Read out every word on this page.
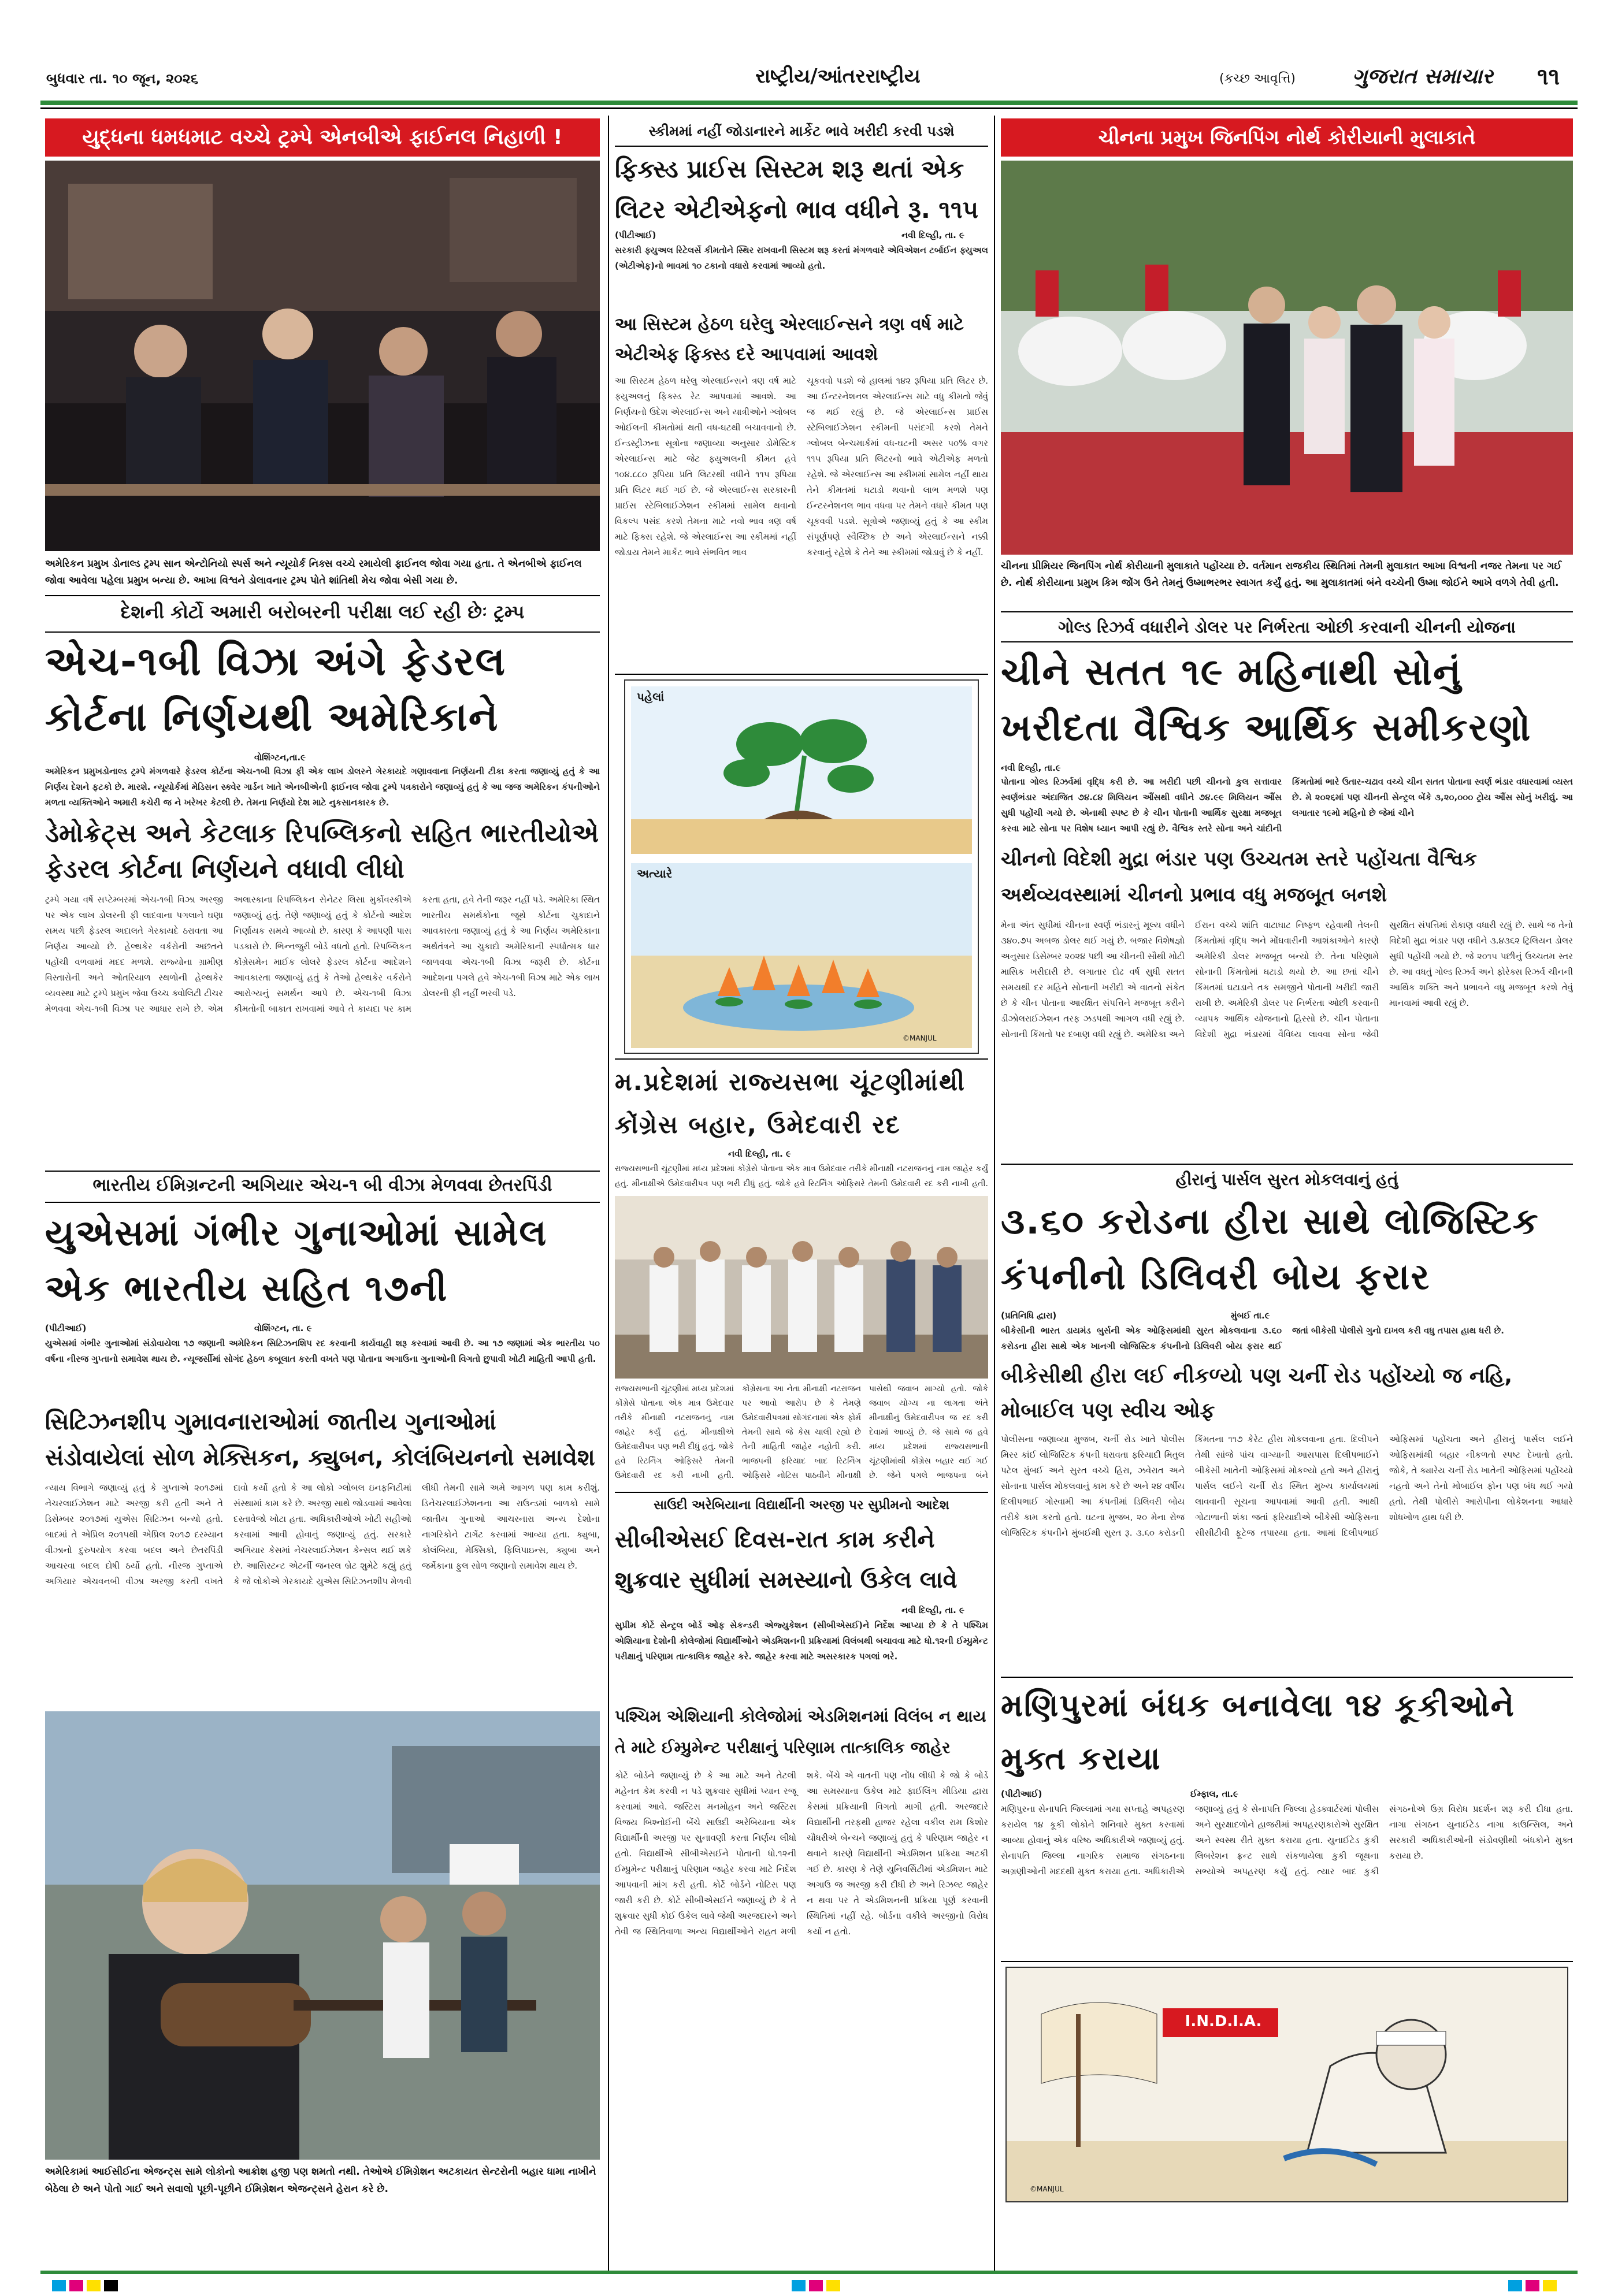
બુધવાર તા. ૧૦ જૂન, ૨૦૨૬	રાષ્ટ્રીય/આંતરરાષ્ટ્રીય	(કચ્છ આવૃત્તિ)	ગુજરાત સમાચાર ૧૧
યુદ્ધના ધમધમાટ વચ્ચે ટ્રમ્પે એનબીએ ફાઈનલ નિહાળી !
અમેરિકન પ્રમુખ ડોનાલ્ડ ટ્રમ્પ સાન એન્ટોનિયો સ્પર્સ અને ન્યૂયોર્ક નિક્સ વચ્ચે રમાયેલી ફાઈનલ જોવા ગયા હતા. તે એનબીએ ફાઈનલ જોવા આવેલા પહેલા પ્રમુખ બન્યા છે. આખા વિશ્વને ડોલાવનાર ટ્રમ્પ પોતે શાંતિથી મેચ જોવા બેસી ગયા છે.
દેશની કોર્ટો અમારી બરોબરની પરીક્ષા લઈ રહી છેઃ ટ્રમ્પ
એચ-૧બી વિઝા અંગે ફેડરલ કોર્ટના નિર્ણયથી અમેરિકાને
વોશિંગ્ટન,તા.૯
અમેરિકન પ્રમુખડોનાલ્ડ ટ્રમ્પે મંગળવારે ફેડરલ કોર્ટના એચ-૧બી વિઝા ફી એક લાખ ડોલરને ગેરકાયદે ગણાવવાના નિર્ણયની ટીકા કરતા જણાવ્યું હતું કે આ નિર્ણય દેશને ફટકો છે. મારશે. ન્યૂયોર્કમાં મેડિસન સ્ક્વેર ગાર્ડન ખાતે એનબીએની ફાઈનલ જોવા ટ્રમ્પે પત્રકારોને જણાવ્યું હતું કે આ જજ અમેરિકન કંપનીઓને મળતા વ્યક્તિઓને અમારી કચેરી જ ને ખરેખર કેટલી છે. તેમના નિર્ણયો દેશ માટે નુકસાનકારક છે.
ડેમોક્રેટ્સ અને કેટલાક રિપબ્લિકનો સહિત ભારતીયોએ ફેડરલ કોર્ટના નિર્ણયને વધાવી લીધો
ટ્રમ્પે ગયા વર્ષે સપ્ટેમ્બરમાં એચ-૧બી વિઝા અરજી પર એક લાખ ડોલરની ફી લાદવાના પગલાને ઘણા સમય પછી ફેડરલ અદાલતે ગેરકાયદે ઠરાવતા આ નિર્ણય આવ્યો છે. હેલ્થકેર વર્કરોની અછતને પહોંચી વળવામાં મદદ મળશે. રાજ્યોના ગ્રામીણ વિસ્તારોની અને ઓતરિયાળ સ્થળોની હેલ્થકેર વ્યવસ્થા માટે ટ્રમ્પે પ્રમુખ જેવા ઉચ્ચ ક્વોલિટી ટીચર મેળવવા એચ-૧બી વિઝા પર આધાર રાખે છે. એમ અલાસ્કાના રિપબ્લિકન સેનેટર લિસા મુર્કોવસ્કીએ જણાવ્યું હતું. તેણે જણાવ્યું હતું કે કોર્ટનો આદેશ નિર્ણાયક સમયે આવ્યો છે. કારણ કે આપણી પાસ પડકારો છે. ભિન્નજુરી બોર્ડે વધતો હતો. રિપબ્લિકન કોંગ્રેસમેન માઈક લોલરે ફેડરલ કોર્ટના આદેશને આવકારતા જણાવ્યું હતું કે તેઓ હેલ્થકેર વર્કરોને આરોગ્યનું સમર્થન આપે છે. એચ-૧બી વિઝા કીમતોની બાકાત રાખવામાં આવે તે કાયદા પર કામ કરતા હતા, હવે તેની જરૂર નહીં પડે. અમેરિકા સ્થિત ભારતીય સમર્થકોના જૂથે કોર્ટના ચુકાદાને આવકારતા જણાવ્યું હતું કે આ નિર્ણય અમેરિકાના અર્થતંત્રને આ ચુકાદો અમેરિકાની સ્પર્ધાત્મક ધાર જાળવવા એચ-૧બી વિઝા જરૂરી છે. કોર્ટના આદેશના પગલે હવે એચ-૧બી વિઝા માટે એક લાખ ડોલરની ફી નહીં ભરવી પડે.
ભારતીય ઈમિગ્રન્ટની અગિયાર એચ-૧ બી વીઝા મેળવવા છેતરપિંડી
યુએસમાં ગંભીર ગુનાઓમાં સામેલ એક ભારતીય સહિત ૧૭ની
(પીટીઆઈ)	વોશિંગ્ટન, તા. ૯
યુએસમાં ગંભીર ગુનાઓમાં સંડોવાયેલા ૧૭ જણાની અમેરિકન સિટિઝનશિપ રદ કરવાની કાર્યવાહી શરૂ કરવામાં આવી છે. આ ૧૭ જણામાં એક ભારતીય ૫૦ વર્ષના નીરજ ગુપ્તાનો સમાવેશ થાય છે. ન્યૂજર્સીમાં સોગંદ હેઠળ કબૂલાત કરતી વખતે પણ પોતાના અગાઉના ગુનાઓની વિગતો છુપાવી ખોટી માહિતી આપી હતી.
સિટિઝનશીપ ગુમાવનારાઓમાં જાતીય ગુનાઓમાં સંડોવાયેલાં સોળ મેક્સિકન, ક્યુબન, કોલંબિયનનો સમાવેશ
ન્યાય વિભાગે જણાવ્યું હતું કે ગુપ્તાએ ૨૦૧૭માં નેચરલાઈઝેશન માટે અરજી કરી હતી અને તે ડિસેમ્બર ૨૦૧૭માં યુએસ સિટિઝન બન્યો હતો. બાદમાં તે એપ્રિલ ૨૦૧૫થી એપ્રિલ ૨૦૧૭ દરમ્યાન વીઝાનો દુરુપયોગ કરવા બદલ અને છેતરપિંડી આચરવા બદલ દોષી ઠર્યો હતો. નીરજ ગુપ્તાએ અગિયાર એચવનબી વીઝા અરજી કરતી વખતે દાવો કર્યો હતો કે આ લોકો ગ્લોબલ ઇનફનિટીમાં સંસ્થામાં કામ કરે છે. અરજી સાથે જોડવામાં આવેલા દસ્તાવેજો ખોટા હતા. અધિકારીઓએ ખોટી સહીઓ કરવામાં આવી હોવાનું જણાવ્યું હતું. સરકારે અગિયાર કેસમાં નેચરલાઈઝેશન કેન્સલ થઈ શકે છે. આસિસ્ટન્ટ એટર્ની જનરલ બ્રેટ શુમેટે કહ્યું હતું કે જે લોકોએ ગેરકાયદે યુએસ સિટિઝનશીપ મેળવી લીધી તેમની સામે અમે આગળ પણ કામ કરીશું. ડિનેચરલાઈઝેશનના આ રાઉન્ડમાં બાળકો સામે જાતીય ગુનાઓ આચરનારા અન્ય દેશોના નાગરિકોને ટાર્ગેટ કરવામાં આવ્યા હતા. ક્યુબા, કોલંબિયા, મેક્સિકો, ફિલિપાઇન્સ, ક્યુબા અને જર્મેકાના ફુલ સોળ જણાનો સમાવેશ થાય છે.
અમેરિકામાં આઈસીઈના એજન્ટ્સ સામે લોકોનો આક્રોશ હજી પણ શમતો નથી. તેઓએ ઈમિગ્રેશન અટકાયત સેન્ટરોની બહાર ધામા નાખીને બેઠેલા છે અને પોતો ગાઈ અને સવાલો પૂછી-પૂછીને ઈમિગ્રેશન એજન્ટ્સને હેરાન કરે છે.
સ્કીમમાં નહીં જોડાનારને માર્કેટ ભાવે ખરીદી કરવી પડશે
ફિક્સ્ડ પ્રાઈસ સિસ્ટમ શરૂ થતાં એક લિટર એટીએફનો ભાવ વધીને રૂ. ૧૧૫
(પીટીઆઈ)	નવી દિલ્હી, તા. ૯
સરકારી ફ્યુઅલ રિટેલર્સે કીમતોને સ્થિર રાખવાની સિસ્ટમ શરૂ કરતાં મંગળવારે એવિએશન ટર્બાઈન ફ્યુઅલ (એટીએફ)નો ભાવમાં ૧૦ ટકાનો વધારો કરવામાં આવ્યો હતો.
આ સિસ્ટમ હેઠળ ઘરેલુ એરલાઈન્સને ત્રણ વર્ષ માટે એટીએફ ફિક્સ્ડ દરે આપવામાં આવશે
આ સિસ્ટમ હેઠળ ઘરેલુ એરલાઈન્સને ત્રણ વર્ષ માટે ફ્યુઅલનું ફિક્સ્ડ રેટ આપવામાં આવશે. આ નિર્ણયનો ઉદેશ એરલાઈન્સ અને યાત્રીઓને ગ્લોબલ ઓઈલની કીમતોમાં થતી વધ-ઘટથી બચાવવાનો છે. ઈન્ડસ્ટ્રીઝના સૂત્રોના જણાવ્યા અનુસાર ડોમેસ્ટિક એરલાઈન્સ માટે જેટ ફ્યુઅલની કીમત હવે ૧૦૪.૮૮૦ રૂપિયા પ્રતિ લિટરથી વધીને ૧૧૫ રૂપિયા પ્રતિ લિટર થઈ ગઈ છે. જે એરલાઈન્સ સરકારની પ્રાઈસ સ્ટેબિલાઈઝેશન સ્કીમમાં સામેલ થવાનો વિકલ્પ પસંદ કરશે તેમના માટે નવો ભાવ ત્રણ વર્ષ માટે ફિક્સ રહેશે. જે એરલાઈન્સ આ સ્કીમમાં નહીં જોડાય તેમને માર્કેટ ભાવે સંભવિત ભાવ
ચૂકવવો પડશે જે હાલમાં ૧૪૨ રૂપિયા પ્રતિ લિટર છે. આ ઈન્ટરનેશનલ એરલાઈન્સ માટે વધુ કીમતો જેવું જ થઈ રહ્યું છે. જે એરલાઈન્સ પ્રાઈસ સ્ટેબિલાઈઝેશન સ્કીમની પસંદગી કરશે તેમને ગ્લોબલ બેન્ચમાર્કમાં વધ-ઘટની અસર ૫૦% વગર ૧૧૫ રૂપિયા પ્રતિ લિટરનો ભાવે એટીએફ મળતો રહેશે. જે એરલાઈન્સ આ સ્કીમમાં સામેલ નહીં થાય તેને કીમતમાં ઘટાડો થવાનો લાભ મળશે પણ ઈન્ટરનેશનલ ભાવ વધવા પર તેમને વધારે કીમત પણ ચૂકવવી પડશે. સૂત્રોએ જણાવ્યું હતું કે આ સ્કીમ સંપૂર્ણપણે સ્વૈચ્છિક છે અને એરલાઈન્સને નક્કી કરવાનું રહેશે કે તેને આ સ્કીમમાં જોડાવું છે કે નહીં.
પહેલાં
અત્યારે
©MANJUL
મ.પ્રદેશમાં રાજ્યસભા ચૂંટણીમાંથી કોંગ્રેસ બહાર, ઉમેદવારી રદ
નવી દિલ્હી, તા. ૯
રાજ્યસભાની ચૂંટણીમાં મધ્ય પ્રદેશમાં કોંગ્રેસે પોતાના એક માત્ર ઉમેદવાર તરીકે મીનાક્ષી નટરાજનનું નામ જાહેર કર્યું હતું. મીનાક્ષીએ ઉમેદવારીપત્ર પણ ભરી દીધું હતું. જોકે હવે રિટર્નિંગ ઓફિસરે તેમની ઉમેદવારી રદ કરી નાખી હતી.
રાજ્યસભાની ચૂંટણીમાં મધ્ય પ્રદેશમાં કોંગ્રેસે પોતાના એક માત્ર ઉમેદવાર તરીકે મીનાક્ષી નટરાજનનું નામ જાહેર કર્યું હતું. મીનાક્ષીએ ઉમેદવારીપત્ર પણ ભરી દીધું હતું. જોકે હવે રિટર્નિંગ ઓફિસરે તેમની ઉમેદવારી રદ કરી નાખી હતી. કોંગ્રેસના આ નેતા મીનાક્ષી નટરાજન પર આવો આરોપ છે કે તેમણે ઉમેદવારીપત્રમાં સોગંદનામાં એક ફોર્મ તેમની સાથે જે કેસ ચાલી રહ્યો છે તેની માહિતી જાહેર નહોતી કરી. ભાજપની ફરિયાદ બાદ રિટર્નિંગ ઓફિસરે નોટિસ પાઠવીને મીનાક્ષી પાસેથી જવાબ માગ્યો હતો. જોકે જવાબ યોગ્ય ના લાગતા અંતે મીનાક્ષીનું ઉમેદવારીપત્ર જ રદ કરી દેવામાં આવ્યું છે. જે સાથે જ હવે મધ્ય પ્રદેશમાં રાજ્યસભાની ચૂંટણીમાંથી કોંગ્રેસ બહાર થઈ ગઈ છે. જેને પગલે ભાજપના બંને
સાઉદી અરેબિયાના વિદ્યાર્થીની અરજી પર સુપ્રીમનો આદેશ
સીબીએસઈ દિવસ-રાત કામ કરીને શુક્રવાર સુધીમાં સમસ્યાનો ઉકેલ લાવે
નવી દિલ્હી, તા. ૯
સુપ્રીમ કોર્ટે સેન્ટ્રલ બોર્ડ ઓફ સેકન્ડરી એજ્યુકેશન (સીબીએસઈ)ને નિર્દેશ આપ્યા છે કે તે પશ્ચિમ એશિયાના દેશોની કોલેજોમાં વિદ્યાર્થીઓને એડમિશનની પ્રક્રિયામાં વિલંબથી બચાવવા માટે ધો.૧૨ની ઈમ્પ્રુમેન્ટ પરીક્ષાનું પરિણામ તાત્કાલિક જાહેર કરે. જાહેર કરવા માટે અસરકારક પગલાં ભરે.
પશ્ચિમ એશિયાની કોલેજોમાં એડમિશનમાં વિલંબ ન થાય તે માટે ઈમ્પ્રુમેન્ટ પરીક્ષાનું પરિણામ તાત્કાલિક જાહેર
કોર્ટે બોર્ડને જણાવ્યું છે કે આ માટે અને તેટલી મહેનત કેમ કરવી ન પડે શુક્રવાર સુધીમાં પ્યાન રજૂ કરવામાં આવે. જસ્ટિસ મનમોહન અને જસ્ટિસ વિજય બિશ્નોઈની બેંચે સાઉદી અરેબિયાના એક વિદ્યાર્થીની અરજી પર સુનાવણી કરતા નિર્ણય લીધો હતો. વિદ્યાર્થીએ સીબીએસઈને પોતાની ધો.૧૨ની ઈમ્પ્રુમેન્ટ પરીક્ષાનું પરિણામ જાહેર કરવા માટે નિર્દેશ આપવાની માંગ કરી હતી. કોર્ટે બોર્ડને નોટિસ પણ જારી કરી છે. કોર્ટે સીબીએસઈને જણાવ્યું છે કે તે શુક્રવાર સુધી કોઈ ઉકેલ લાવે જેથી અરજદારને અને તેવી જ સ્થિતિવાળા અન્ય વિદ્યાર્થીઓને રાહત મળી શકે. બેંચે એ વાતની પણ નોંધ લીધી કે જો કે બોર્ડે આ સમસ્યાના ઉકેલ માટે ફાઈલિંગ મીડિયા દ્વારા કેસમાં પ્રક્રિયાની વિગતો માગી હતી. અરજદારે વિદ્યાર્થીની તરફથી હાજર રહેલા વકીલ રામ કિશોર ચૌધરીએ બેન્ચને જણાવ્યું હતું કે પરિણામ જાહેર ન થવાને કારણે વિદ્યાર્થીની એડમિશન પ્રક્રિયા અટકી ગઈ છે. કારણ કે તેણે યુનિવર્સિટીમાં એડમિશન માટે અગાઉ જ અરજી કરી દીધી છે અને રિઝલ્ટ જાહેર ન થવા પર તે એડમિશનની પ્રક્રિયા પૂર્ણ કરવાની સ્થિતિમાં નહીં રહે. બોર્ડના વકીલે અરજીનો વિરોધ કર્યો ન હતો.
ચીનના પ્રમુખ જિનપિંગ નોર્થ કોરીયાની મુલાકાતે
ચીનના પ્રીમિયર જિનપિંગ નોર્થ કોરીયાની મુલાકાતે પહોંચ્યા છે. વર્તમાન રાજકીય સ્થિતિમાં તેમની મુલાકાત આખા વિશ્વની નજર તેમના પર ગઈ છે. નોર્થ કોરીયાના પ્રમુખ કિમ જોંગ ઉને તેમનું ઉષ્માભરભર સ્વાગત કર્યું હતું. આ મુલાકાતમાં બંને વચ્ચેની ઉષ્મા જોઈને આખે વળગે તેવી હતી.
ગોલ્ડ રિઝર્વ વધારીને ડોલર પર નિર્ભરતા ઓછી કરવાની ચીનની યોજના
ચીને સતત ૧૯ મહિનાથી સોનું ખરીદતા વૈશ્વિક આર્થિક સમીકરણો
નવી દિલ્હી, તા.૯
પોતાના ગોલ્ડ રિઝર્વમાં વૃદ્ધિ કરી છે. આ ખરીદી પછી ચીનનો કુલ સત્તાવાર સ્વર્ણભંડાર અંદાજિત ૭૪.૮૪ મિલિયન ઔંસથી વધીને ૭૪.૯૯ મિલિયન ઔંસ સુધી પહોંચી ગયો છે. એનાથી સ્પષ્ટ છે કે ચીન પોતાની આર્થિક સુરક્ષા મજબૂત કરવા માટે સોના પર વિશેષ ધ્યાન આપી રહ્યું છે. વૈશ્વિક સ્તરે સોના અને ચાંદીની કિંમતોમાં ભારે ઉતાર-ચઢાવ વચ્ચે ચીન સતત પોતાના સ્વર્ણ ભંડાર વધારવામાં વ્યસ્ત છે. મે ૨૦૨૬માં પણ ચીનની સેન્ટ્રલ બેંકે ૩,૨૦,૦૦૦ ટ્રોય ઔંસ સોનું ખરીદ્યું. આ લગાતાર ૧૯મો મહિનો છે જેમાં ચીને
ચીનનો વિદેશી મુદ્રા ભંડાર પણ ઉચ્ચતમ સ્તરે પહોંચતા વૈશ્વિક અર્થવ્યવસ્થામાં ચીનનો પ્રભાવ વધુ મજબૂત બનશે
મેના અંત સુધીમાં ચીનના સ્વર્ણ ભંડારનું મૂલ્ય વધીને ૩૪૦.૭૫ અબજ ડોલર થઈ ગયું છે. બજાર વિશેષજ્ઞો અનુસાર ડિસેમ્બર ૨૦૨૪ પછી આ ચીનની સૌથી મોટી માસિક ખરીદારી છે. લગાતાર દોઢ વર્ષ સુધી સતત સમયથી દર મહિને સોનાની ખરીદી એ વાતનો સંકેત છે કે ચીન પોતાના આરક્ષિત સંપત્તિને મજબૂત કરીને ડીઝોલરાઈઝેશન તરફ ઝડપથી આગળ વધી રહ્યું છે. સોનાની કિંમતો પર દબાણ વધી રહ્યું છે. અમેરિકા અને ઈરાન વચ્ચે શાંતિ વાટાઘાટ નિષ્ફળ રહેવાથી તેલની કિંમતોમાં વૃદ્ધિ અને મોંઘવારીની આશંકાઓને કારણે અમેરિકી ડોલર મજબૂત બન્યો છે. તેના પરિણામે સોનાની કિંમતોમાં ઘટાડો થયો છે. આ છતાં ચીને કિંમતમાં ઘટાડાને તક સમજીને પોતાની ખરીદી જારી રાખી છે. અમેરિકી ડોલર પર નિર્ભરતા ઓછી કરવાની વ્યાપક આર્થિક યોજનાનો હિસ્સો છે. ચીન પોતાના વિદેશી મુદ્રા ભંડારમાં વૈવિધ્ય લાવવા સોના જેવી સુરક્ષિત સંપત્તિમાં રોકાણ વધારી રહ્યું છે. સાથે જ તેનો વિદેશી મુદ્રા ભંડાર પણ વધીને ૩.૪૩૬૨ ટ્રિલિયન ડોલર સુધી પહોંચી ગયો છે. જે ૨૦૧૫ પછીનું ઉચ્ચતમ સ્તર છે. આ વધતું ગોલ્ડ રિઝર્વ અને ફોરેક્સ રિઝર્વ ચીનની આર્થિક શક્તિ અને પ્રભાવને વધુ મજબૂત કરશે તેવું માનવામાં આવી રહ્યું છે.
હીરાનું પાર્સલ સુરત મોકલવાનું હતું
૩.૬૦ કરોડના હીરા સાથે લોજિસ્ટિક કંપનીનો ડિલિવરી બોય ફરાર
(પ્રતિનિધિ દ્વારા)	મુંબઈ તા.૯
બીકેસીની ભારત ડાયમંડ બુર્સની એક ઓફિસમાંથી સુરત મોકલવાના ૩.૬૦ કરોડના હીરા સાથે એક ખાનગી લોજિસ્ટિક કંપનીનો ડિલિવરી બોય ફરાર થઈ જતાં બીકેસી પોલીસે ગુનો દાખલ કરી વધુ તપાસ હાથ ધરી છે.
બીકેસીથી હીરા લઈ નીકળ્યો પણ ચર્ની રોડ પહોંચ્યો જ નહિ, મોબાઈલ પણ સ્વીચ ઓફ
પોલીસના જણાવ્યા મુજબ, ચર્ની રોડ ખાતે પોલીસ મિરર કાંઈ લોજિસ્ટિક કંપની ધરાવતા ફરિયાદી મિતુલ પટેલ મુંબઈ અને સુરત વચ્ચે હિરા, ઝવેરાત અને સોનાના પાર્સલ મોકલવાનું કામ કરે છે અને ૨૪ વર્ષીય દિલીપભાઈ ગોસ્વામી આ કંપનીમાં ડિલિવરી બોય તરીકે કામ કરતો હતો. ઘટના મુજબ, ૨૦ મેના રોજ લોજિસ્ટિક કંપનીને મુંબઈથી સુરત રૂ. ૩.૬૦ કરોડની કિંમતના ૧૧૭ કેરેટ હીરા મોકલવાના હતા. દિલીપને તેથી સાંજે પાંચ વાગ્યાની આસપાસ દિલીપભાઈને બીકેસી ખાતેની ઓફિસમાં મોકલ્યો હતો અને હીરાનું પાર્સલ લઈને ચર્ની રોડ સ્થિત મુખ્ય કાર્યાલયમાં લાવવાની સૂચના આપવામાં આવી હતી. આથી ગોટાળાની શંકા જતાં ફરિયાદીએ બીકેસી ઓફિસના સીસીટીવી ફૂટેજ તપાસ્યા હતા. આમાં દિલીપભાઈ ઓફિસમાં પહોંચતા અને હીરાનું પાર્સલ લઈને ઓફિસમાંથી બહાર નીકળતો સ્પષ્ટ દેખાતો હતો. જોકે, તે ક્યારેય ચર્ની રોડ ખાતેની ઓફિસમાં પહોંચ્યો નહતો અને તેનો મોબાઈલ ફોન પણ બંધ થઈ ગયો હતો. તેથી પોલીસે આરોપીના લોકેશનના આધારે શોધખોળ હાથ ધરી છે.
મણિપુરમાં બંધક બનાવેલા ૧૪ કૂકીઓને મુક્ત કરાયા
(પીટીઆઈ)	ઈમ્ફાલ, તા.૯
મણિપુરના સેનાપતિ જિલ્લામાં ગયા સપ્તાહે અપહરણ કરાયેલ ૧૪ કૂકી લોકોને શનિવારે મુક્ત કરવામાં આવ્યા હોવાનું એક વરિષ્ઠ અધિકારીએ જણાવ્યું હતું. સેનાપતિ જિલ્લા નાગરિક સમાજ સંગઠનના અગ્રણીઓની મદદથી મુક્ત કરાયા હતા. અધિકારીએ જણાવ્યું હતું કે સેનાપતિ જિલ્લા હેડક્વાર્ટરમાં પોલીસ અને સુરક્ષાદળોને હાજરીમાં અપહરણકારોએ સુરક્ષિત અને સ્વસ્થ રીતે મુક્ત કરાયા હતા. યુનાઈટેડ કુકી લિબરેશન ફ્રન્ટ સાથે સંકળાયેલા કુકી જૂથના સભ્યોએ અપહરણ કર્યું હતું. ત્યાર બાદ કુકી સંગઠનોએ ઉગ્ર વિરોધ પ્રદર્શન શરૂ કરી દીધા હતા. નાગા સંગઠન યુનાઈટેડ નાગા કાઉન્સિલ, અને સરકારી અધિકારીઓની સંડોવણીથી બંધકોને મુક્ત કરાયા છે.
I.N.D.I.A.
©MANJUL
